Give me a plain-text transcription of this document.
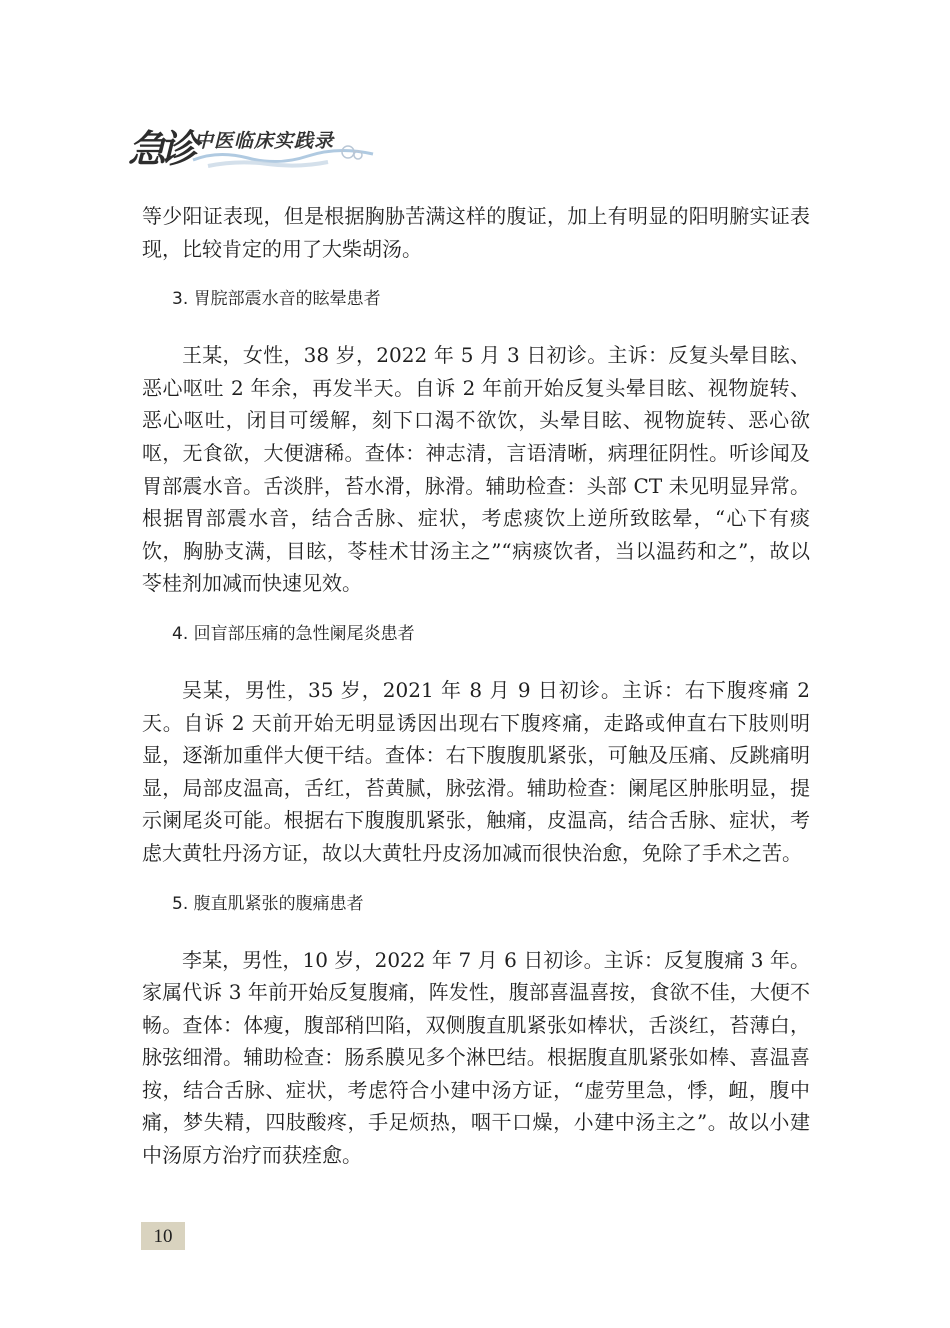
急诊 中医临床实践录

等少阳证表现，但是根据胸胁苦满这样的腹证，加上有明显的阳明腑实证表现，比较肯定的用了大柴胡汤。

3. 胃脘部震水音的眩晕患者

王某，女性，38 岁，2022 年 5 月 3 日初诊。主诉：反复头晕目眩、恶心呕吐 2 年余，再发半天。自诉 2 年前开始反复头晕目眩、视物旋转、恶心呕吐，闭目可缓解，刻下口渴不欲饮，头晕目眩、视物旋转、恶心欲呕，无食欲，大便溏稀。查体：神志清，言语清晰，病理征阴性。听诊闻及胃部震水音。舌淡胖，苔水滑，脉滑。辅助检查：头部 CT 未见明显异常。根据胃部震水音，结合舌脉、症状，考虑痰饮上逆所致眩晕，“心下有痰饮，胸胁支满，目眩，苓桂术甘汤主之”“病痰饮者，当以温药和之”，故以苓桂剂加减而快速见效。

4. 回盲部压痛的急性阑尾炎患者

吴某，男性，35 岁，2021 年 8 月 9 日初诊。主诉：右下腹疼痛 2 天。自诉 2 天前开始无明显诱因出现右下腹疼痛，走路或伸直右下肢则明显，逐渐加重伴大便干结。查体：右下腹腹肌紧张，可触及压痛、反跳痛明显，局部皮温高，舌红，苔黄腻，脉弦滑。辅助检查：阑尾区肿胀明显，提示阑尾炎可能。根据右下腹腹肌紧张，触痛，皮温高，结合舌脉、症状，考虑大黄牡丹汤方证，故以大黄牡丹皮汤加减而很快治愈，免除了手术之苦。

5. 腹直肌紧张的腹痛患者

李某，男性，10 岁，2022 年 7 月 6 日初诊。主诉：反复腹痛 3 年。家属代诉 3 年前开始反复腹痛，阵发性，腹部喜温喜按，食欲不佳，大便不畅。查体：体瘦，腹部稍凹陷，双侧腹直肌紧张如棒状，舌淡红，苔薄白，脉弦细滑。辅助检查：肠系膜见多个淋巴结。根据腹直肌紧张如棒、喜温喜按，结合舌脉、症状，考虑符合小建中汤方证，“虚劳里急，悸，衄，腹中痛，梦失精，四肢酸疼，手足烦热，咽干口燥，小建中汤主之”。故以小建中汤原方治疗而获痊愈。

10
